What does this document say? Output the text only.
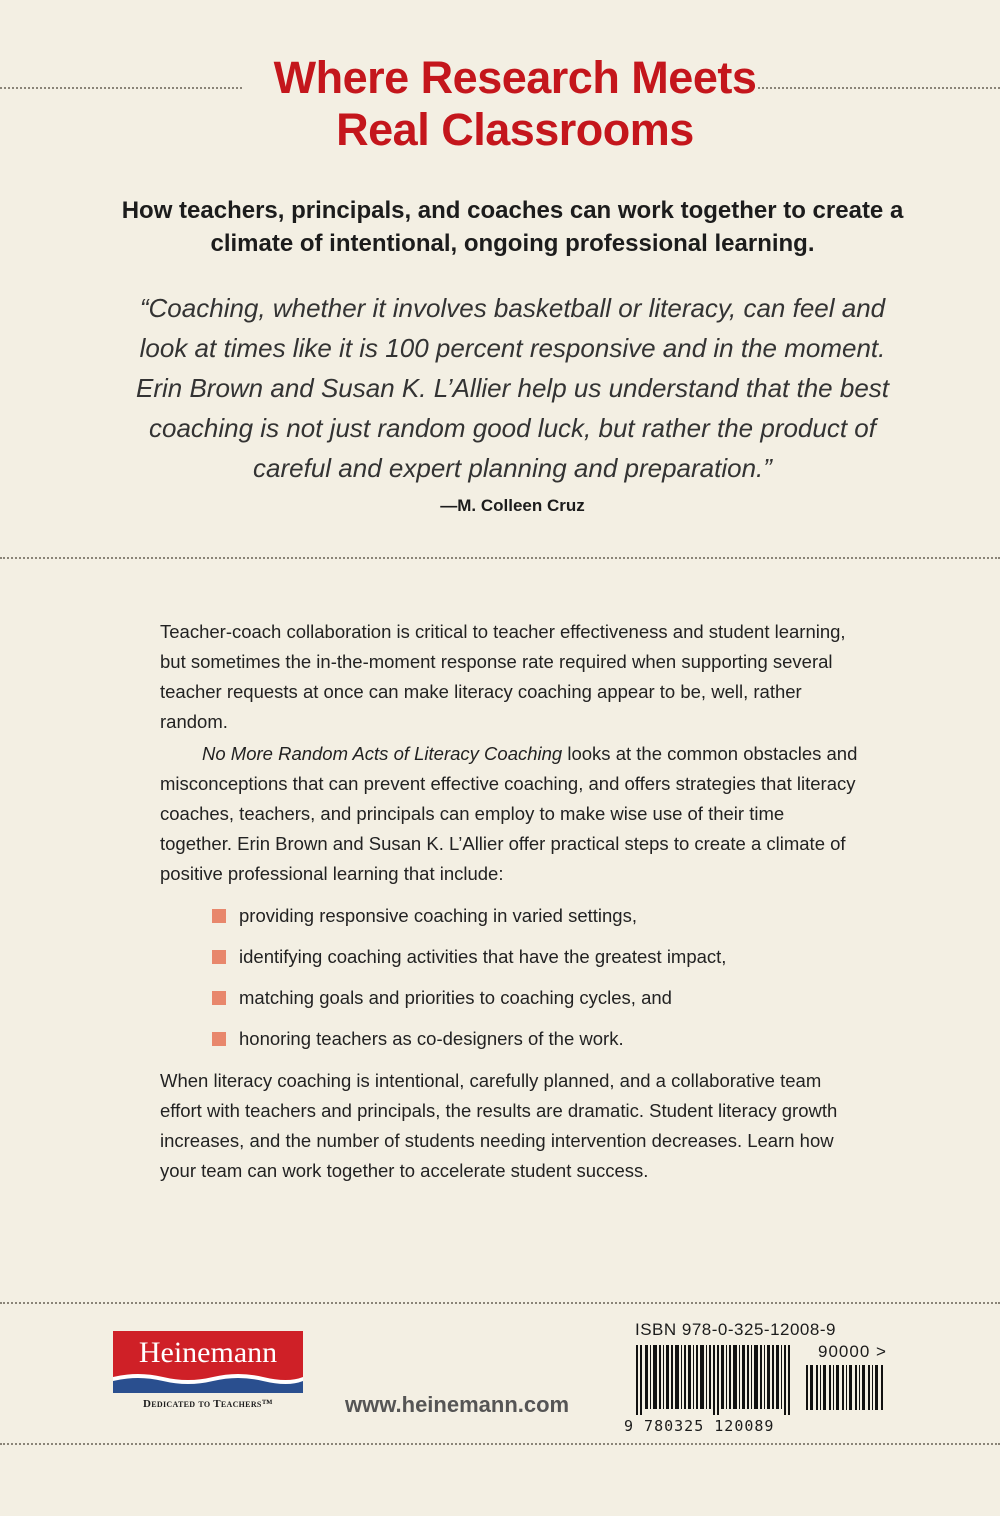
Where Research Meets Real Classrooms
How teachers, principals, and coaches can work together to create a climate of intentional, ongoing professional learning.
“Coaching, whether it involves basketball or literacy, can feel and look at times like it is 100 percent responsive and in the moment. Erin Brown and Susan K. L’Allier help us understand that the best coaching is not just random good luck, but rather the product of careful and expert planning and preparation.”
—M. Colleen Cruz
Teacher-coach collaboration is critical to teacher effectiveness and student learning, but sometimes the in-the-moment response rate required when supporting several teacher requests at once can make literacy coaching appear to be, well, rather random.
No More Random Acts of Literacy Coaching looks at the common obstacles and misconceptions that can prevent effective coaching, and offers strategies that literacy coaches, teachers, and principals can employ to make wise use of their time together. Erin Brown and Susan K. L’Allier offer practical steps to create a climate of positive professional learning that include:
providing responsive coaching in varied settings,
identifying coaching activities that have the greatest impact,
matching goals and priorities to coaching cycles, and
honoring teachers as co-designers of the work.
When literacy coaching is intentional, carefully planned, and a collaborative team effort with teachers and principals, the results are dramatic. Student literacy growth increases, and the number of students needing intervention decreases. Learn how your team can work together to accelerate student success.
Heinemann
Dedicated to Teachers™	www.heinemann.com
ISBN 978-0-325-12008-9
90000 >
9 780325 120089
